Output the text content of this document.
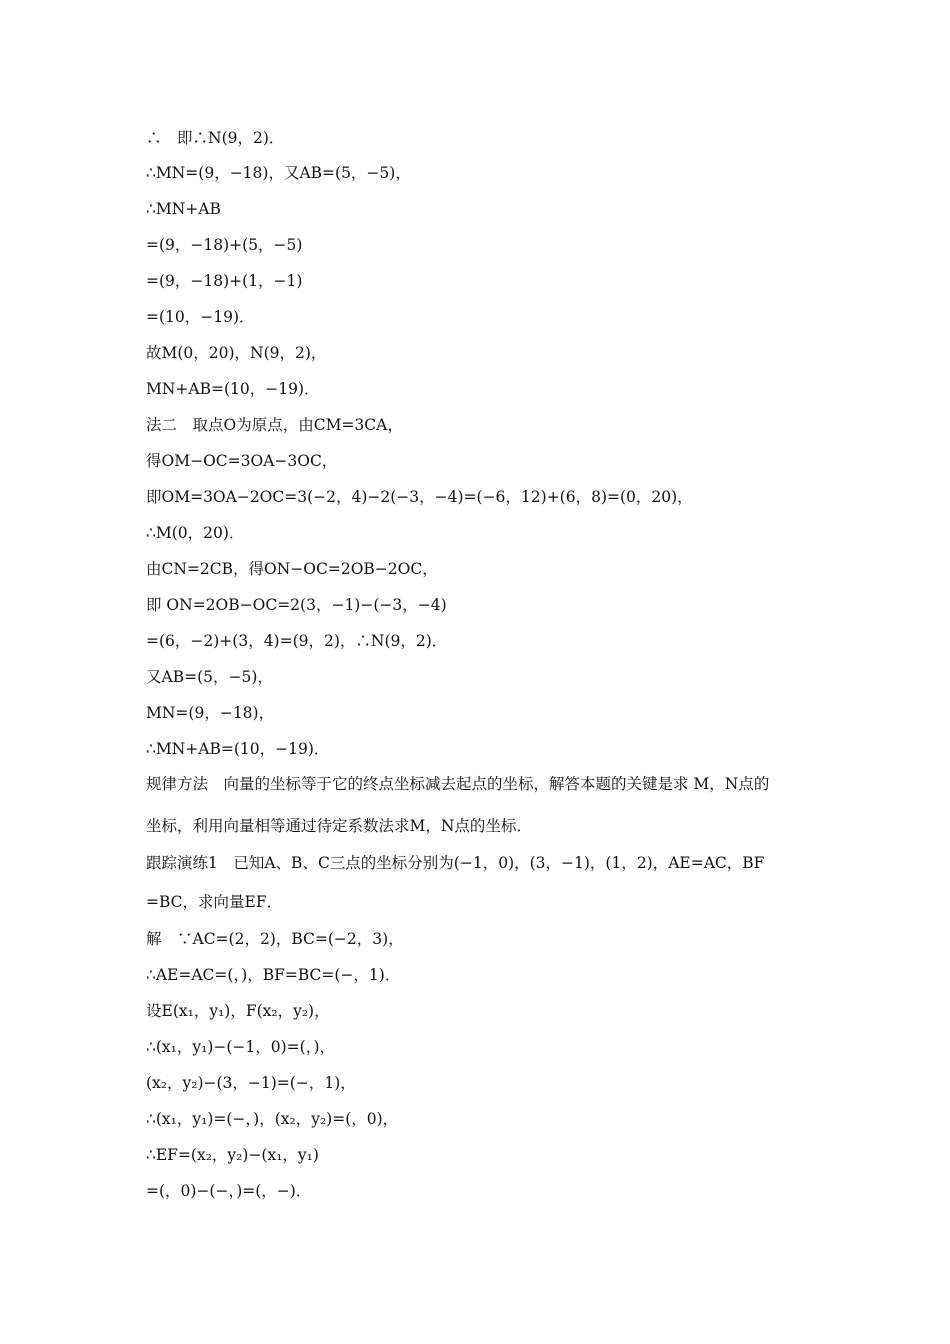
∴　即∴N(9，2)．
∴MN=(9，−18)，又AB=(5，−5)，
∴MN+AB
=(9，−18)+(5，−5)
=(9，−18)+(1，−1)
=(10，−19)．
故M(0，20)，N(9，2)，
MN+AB=(10，−19)．
法二　取点O为原点，由CM=3CA，
得OM−OC=3OA−3OC，
即OM=3OA−2OC=3(−2，4)−2(−3，−4)=(−6，12)+(6，8)=(0，20)，
∴M(0，20)．
由CN=2CB，得ON−OC=2OB−2OC，
即 ON=2OB−OC=2(3，−1)−(−3，−4)
=(6，−2)+(3，4)=(9，2)，∴N(9，2)．
又AB=(5，−5)，
MN=(9，−18)，
∴MN+AB=(10，−19)．
规律方法　向量的坐标等于它的终点坐标减去起点的坐标，解答本题的关键是求 M，N点的
坐标，利用向量相等通过待定系数法求M，N点的坐标．
跟踪演练1　已知A、B、C三点的坐标分别为(−1，0)，(3，−1)，(1，2)，AE=AC，BF
=BC，求向量EF．
解　∵AC=(2，2)，BC=(−2，3)，
∴AE=AC=(，)，BF=BC=(−，1)．
设E(x₁，y₁)，F(x₂，y₂)，
∴(x₁，y₁)−(−1，0)=(，)，
(x₂，y₂)−(3，−1)=(−，1)，
∴(x₁，y₁)=(−，)，(x₂，y₂)=(，0)，
∴EF=(x₂，y₂)−(x₁，y₁)
=(，0)−(−，)=(，−)．
